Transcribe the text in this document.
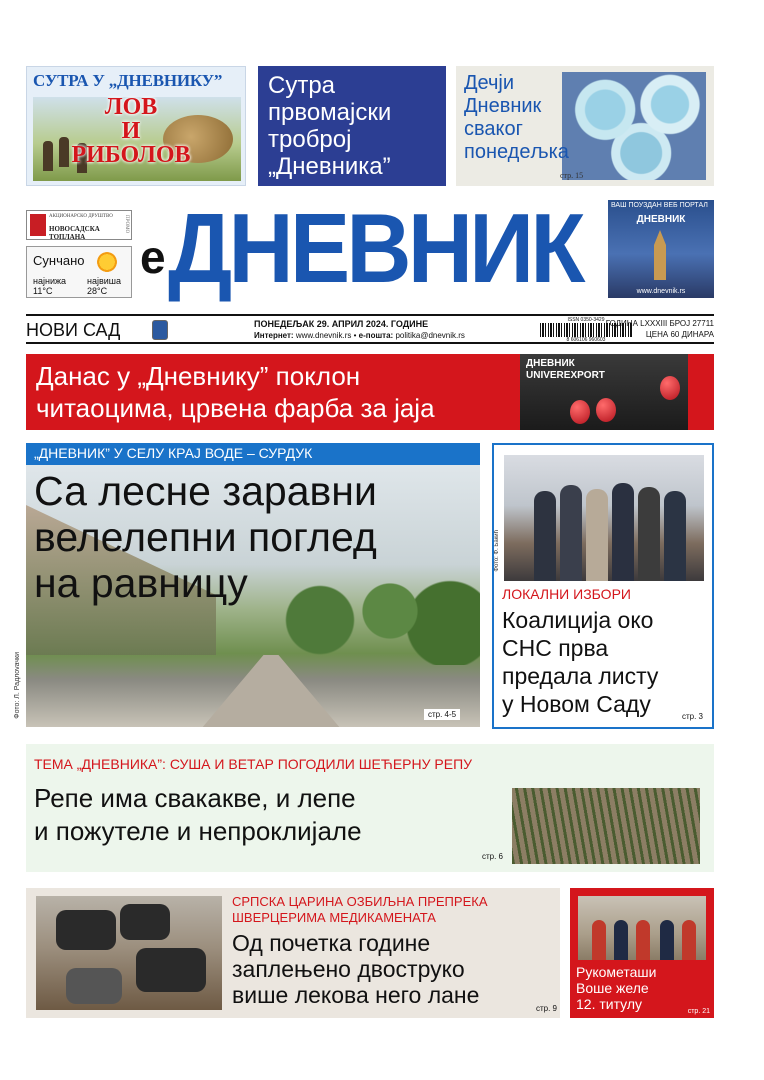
СУТРА У „ДНЕВНИКУ”
ЛОВ
И
РИБОЛОВ
Сутра
првомајски
тробрoj
„Дневника”
Дечји
Дневник
сваког
понедељка
стр. 15
АКЦИОНАРСКО ДРУШТВО
НОВОСАДСКА ТОПЛАНА
ПРОМО
Сунчано
најнижа
11°C
највиша
28°C
e ДНЕВНИК	ВАШ ПОУЗДАН ВЕБ ПОРТАЛ
ДНЕВНИК
www.dnevnik.rs
НОВИ САД	ПОНЕДЕЉАК 29. АПРИЛ 2024. ГОДИНЕ
Интернет: www.dnevnik.rs • е-пошта: politika@dnevnik.rs
ISSN 0350-3429
8 606106 960603
ГОДИНА LXXXIII БРОЈ 27711
ЦЕНА 60 ДИНАРА
Данас у „Дневнику” поклон
читаоцима, црвена фарба за јаја
ДНЕВНИК
UNIVEREXPORT
„ДНЕВНИК” У СЕЛУ КРАЈ ВОДЕ – СУРДУК
Са лесне заравни
велелепни поглед
на равницу
стр. 4-5
Фото: Л. Радлovачки
Фото: Ф. Бакић
ЛОКАЛНИ ИЗБОРИ
Коалиција око
СНС прва
предала листу
у Новом Саду	стр. 3
ТЕМА „ДНЕВНИКА”: СУША И ВЕТАР ПОГОДИЛИ ШЕЋЕРНУ РЕПУ
Репе има свакакве, и лепе
и пожутеле и непроклијале
стр. 6
СРПСКА ЦАРИНА ОЗБИЉНА ПРЕПРЕКА
ШВЕРЦЕРИМА МЕДИКАМЕНАТА
Од почетка године
заплењено двоструко
више лекова него лане
стр. 9
Рукометаши
Воше желе
12. титулу	стр. 21
